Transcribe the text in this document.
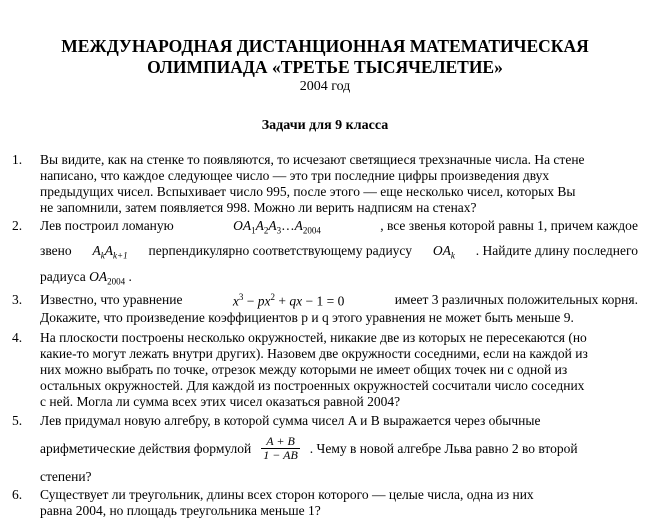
МЕЖДУНАРОДНАЯ ДИСТАНЦИОННАЯ МАТЕМАТИЧЕСКАЯ
ОЛИМПИАДА «ТРЕТЬЕ ТЫСЯЧЕЛЕТИЕ»
2004 год
Задачи для 9 класса
1. Вы видите, как на стенке то появляются, то исчезают светящиеся трехзначные числа. На стене
написано, что каждое следующее число — это три последние цифры произведения двух
предыдущих чисел. Вспыхивает число 995, после этого — еще несколько чисел, которых Вы
не запомнили, затем появляется 998. Можно ли верить надписям на стенах?
2. Лев построил ломаную	$OA_1A_2A_3\dots A_{2004}$	, все звенья которой равны 1, причем каждое
звено $A_kA_{k+1}$ перпендикулярно соответствующему радиусу $OA_k$ . Найдите длину последнего
радиуса $OA_{2004}$ .
3. Известно, что уравнение	$x^3 - px^2$ + qx − 1 = 0	имеет 3 различных положительных корня.
Докажите, что произведение коэффициентов p и q этого уравнения не может быть меньше 9.
4. На плоскости построены несколько окружностей, никакие две из которых не пересекаются (но
какие-то могут лежать внутри других). Назовем две окружности соседними, если на каждой из
них можно выбрать по точке, отрезок между которыми не имеет общих точек ни с одной из
остальных окружностей. Для каждой из построенных окружностей сосчитали число соседних
с ней. Могла ли сумма всех этих чисел оказаться равной 2004?
5. Лев придумал новую алгебру, в которой сумма чисел A и B выражается через обычные
арифметические действия формулой $\frac{A + B}{1 - AB}$ . Чему в новой алгебре Льва равно 2 во второй
степени?
6. Существует ли треугольник, длины всех сторон которого — целые числа, одна из них
равна 2004, но площадь треугольника меньше 1?
